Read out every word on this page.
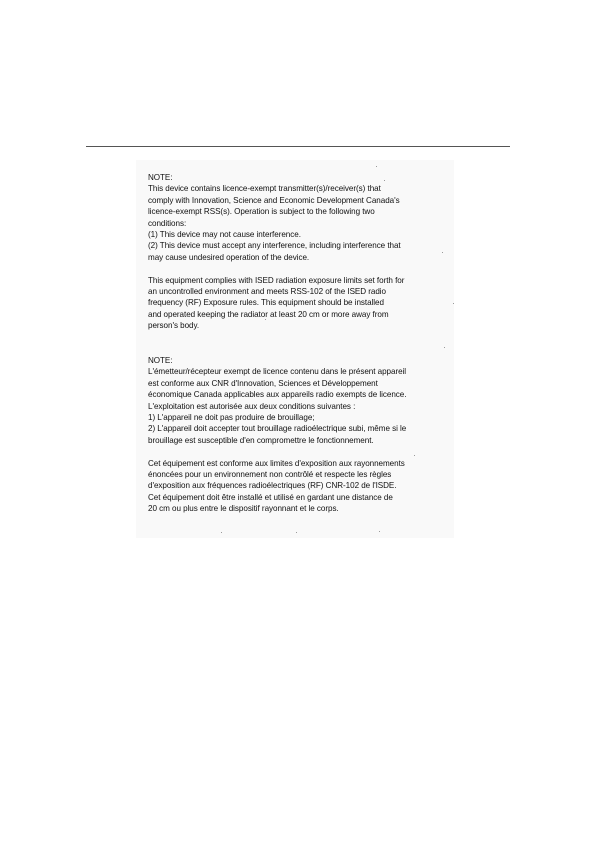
NOTE:

This device contains licence-exempt transmitter(s)/receiver(s) that

comply with Innovation, Science and Economic Development Canada's

licence-exempt RSS(s). Operation is subject to the following two

conditions:

(1) This device may not cause interference.

(2) This device must accept any interference, including interference that

may cause undesired operation of the device.

This equipment complies with ISED radiation exposure limits set forth for

an uncontrolled environment and meets RSS-102 of the ISED radio

frequency (RF) Exposure rules. This equipment should be installed

and operated keeping the radiator at least 20 cm or more away from

person's body.

NOTE:

L'émetteur/récepteur exempt de licence contenu dans le présent appareil

est conforme aux CNR d'Innovation, Sciences et Développement

économique Canada applicables aux appareils radio exempts de licence.

L'exploitation est autorisée aux deux conditions suivantes :

1) L'appareil ne doit pas produire de brouillage;

2) L'appareil doit accepter tout brouillage radioélectrique subi, même si le

brouillage est susceptible d'en compromettre le fonctionnement.

Cet équipement est conforme aux limites d'exposition aux rayonnements

énoncées pour un environnement non contrôlé et respecte les règles

d'exposition aux fréquences radioélectriques (RF) CNR-102 de l'ISDE.

Cet équipement doit être installé et utilisé en gardant une distance de

20 cm ou plus entre le dispositif rayonnant et le corps.
